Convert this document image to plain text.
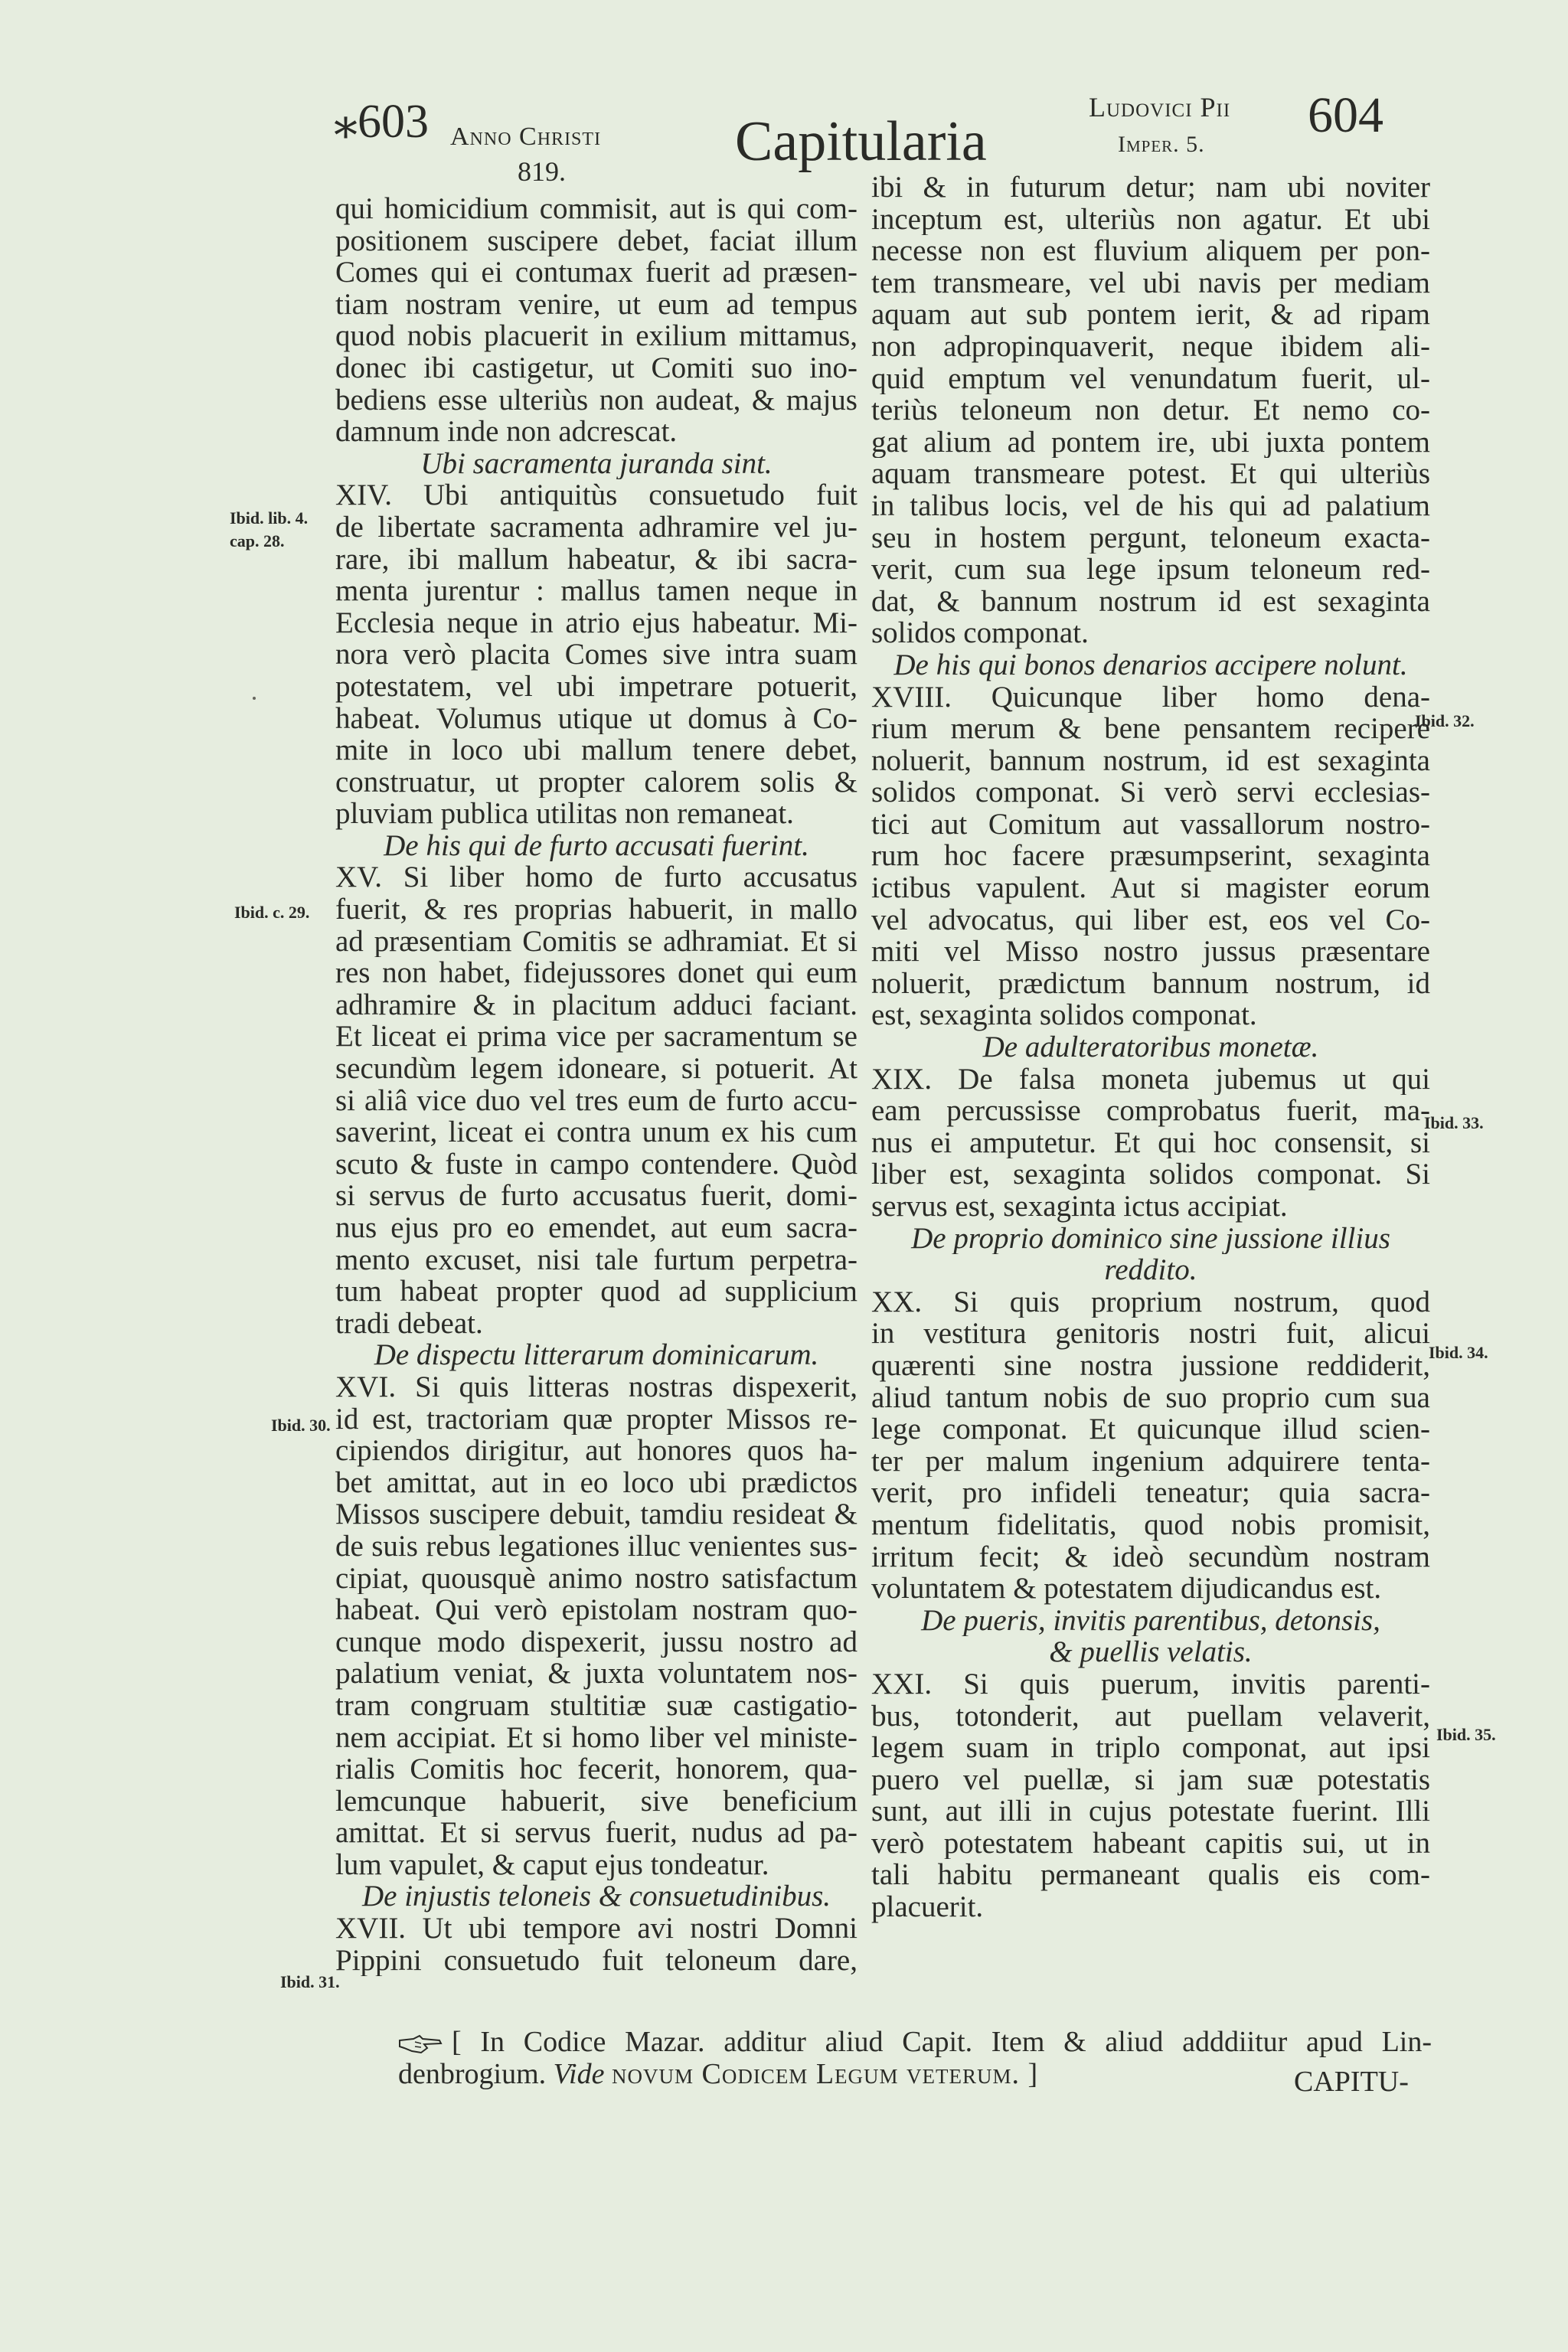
⁎603 Anno Christi
819.	Capitularia
Ludovici Pii
Imper. 5.
604
qui homicidium commisit, aut is qui com-
positionem suscipere debet, faciat illum
Comes qui ei contumax fuerit ad præsen-
tiam nostram venire, ut eum ad tempus
quod nobis placuerit in exilium mittamus,
donec ibi castigetur, ut Comiti suo ino-
bediens esse ulteriùs non audeat, & majus
damnum inde non adcrescat.
Ubi sacramenta juranda sint.
XIV. Ubi antiquitùs consuetudo fuit
de libertate sacramenta adhramire vel ju-
rare, ibi mallum habeatur, & ibi sacra-
menta jurentur : mallus tamen neque in
Ecclesia neque in atrio ejus habeatur. Mi-
nora verò placita Comes sive intra suam
potestatem, vel ubi impetrare potuerit,
habeat. Volumus utique ut domus à Co-
mite in loco ubi mallum tenere debet,
construatur, ut propter calorem solis &
pluviam publica utilitas non remaneat.
De his qui de furto accusati fuerint.
XV. Si liber homo de furto accusatus
fuerit, & res proprias habuerit, in mallo
ad præsentiam Comitis se adhramiat. Et si
res non habet, fidejussores donet qui eum
adhramire & in placitum adduci faciant.
Et liceat ei prima vice per sacramentum se
secundùm legem idoneare, si potuerit. At
si aliâ vice duo vel tres eum de furto accu-
saverint, liceat ei contra unum ex his cum
scuto & fuste in campo contendere. Quòd
si servus de furto accusatus fuerit, domi-
nus ejus pro eo emendet, aut eum sacra-
mento excuset, nisi tale furtum perpetra-
tum habeat propter quod ad supplicium
tradi debeat.
De dispectu litterarum dominicarum.
XVI. Si quis litteras nostras dispexerit,
id est, tractoriam quæ propter Missos re-
cipiendos dirigitur, aut honores quos ha-
bet amittat, aut in eo loco ubi prædictos
Missos suscipere debuit, tamdiu resideat &
de suis rebus legationes illuc venientes sus-
cipiat, quousquè animo nostro satisfactum
habeat. Qui verò epistolam nostram quo-
cunque modo dispexerit, jussu nostro ad
palatium veniat, & juxta voluntatem nos-
tram congruam stultitiæ suæ castigatio-
nem accipiat. Et si homo liber vel ministe-
rialis Comitis hoc fecerit, honorem, qua-
lemcunque habuerit, sive beneficium
amittat. Et si servus fuerit, nudus ad pa-
lum vapulet, & caput ejus tondeatur.
De injustis teloneis & consuetudinibus.
XVII. Ut ubi tempore avi nostri Domni
Pippini consuetudo fuit teloneum dare,
ibi & in futurum detur; nam ubi noviter
inceptum est, ulteriùs non agatur. Et ubi
necesse non est fluvium aliquem per pon-
tem transmeare, vel ubi navis per mediam
aquam aut sub pontem ierit, & ad ripam
non adpropinquaverit, neque ibidem ali-
quid emptum vel venundatum fuerit, ul-
teriùs teloneum non detur. Et nemo co-
gat alium ad pontem ire, ubi juxta pontem
aquam transmeare potest. Et qui ulteriùs
in talibus locis, vel de his qui ad palatium
seu in hostem pergunt, teloneum exacta-
verit, cum sua lege ipsum teloneum red-
dat, & bannum nostrum id est sexaginta
solidos componat.
De his qui bonos denarios accipere nolunt.
XVIII. Quicunque liber homo dena-
rium merum & bene pensantem recipere
noluerit, bannum nostrum, id est sexaginta
solidos componat. Si verò servi ecclesias-
tici aut Comitum aut vassallorum nostro-
rum hoc facere præsumpserint, sexaginta
ictibus vapulent. Aut si magister eorum
vel advocatus, qui liber est, eos vel Co-
miti vel Misso nostro jussus præsentare
noluerit, prædictum bannum nostrum, id
est, sexaginta solidos componat.
De adulteratoribus monetæ.
XIX. De falsa moneta jubemus ut qui
eam percussisse comprobatus fuerit, ma-
nus ei amputetur. Et qui hoc consensit, si
liber est, sexaginta solidos componat. Si
servus est, sexaginta ictus accipiat.
De proprio dominico sine jussione illius
reddito.
XX. Si quis proprium nostrum, quod
in vestitura genitoris nostri fuit, alicui
quærenti sine nostra jussione reddiderit,
aliud tantum nobis de suo proprio cum sua
lege componat. Et quicunque illud scien-
ter per malum ingenium adquirere tenta-
verit, pro infideli teneatur; quia sacra-
mentum fidelitatis, quod nobis promisit,
irritum fecit; & ideò secundùm nostram
voluntatem & potestatem dijudicandus est.
De pueris, invitis parentibus, detonsis,
& puellis velatis.
XXI. Si quis puerum, invitis parenti-
bus, totonderit, aut puellam velaverit,
legem suam in triplo componat, aut ipsi
puero vel puellæ, si jam suæ potestatis
sunt, aut illi in cujus potestate fuerint. Illi
verò potestatem habeant capitis sui, ut in
tali habitu permaneant qualis eis com-
placuerit.
Ibid. lib. 4.
cap. 28.
Ibid. c. 29.
Ibid. 30.
Ibid. 31.
Ibid. 32.
Ibid. 33.
Ibid. 34.
Ibid. 35.
[ In Codice Mazar. additur aliud Capit. Item & aliud adddiitur apud Lin-
denbrogium. Vide novum Codicem Legum veterum. ]	CAPITU-
